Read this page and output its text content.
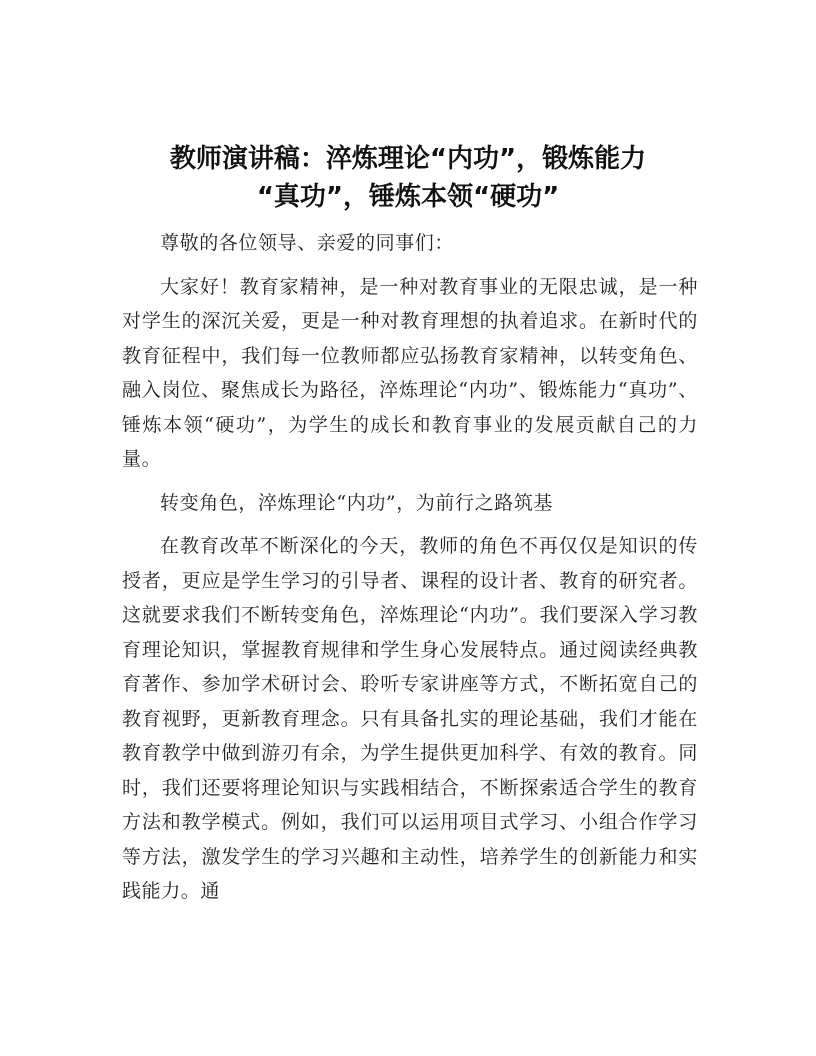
教师演讲稿：淬炼理论“内功”，锻炼能力
“真功”，锤炼本领“硬功”

尊敬的各位领导、亲爱的同事们：

大家好！教育家精神，是一种对教育事业的无限忠诚，是一种对学生的深沉关爱，更是一种对教育理想的执着追求。在新时代的教育征程中，我们每一位教师都应弘扬教育家精神，以转变角色、融入岗位、聚焦成长为路径，淬炼理论“内功”、锻炼能力“真功”、锤炼本领“硬功”，为学生的成长和教育事业的发展贡献自己的力量。

转变角色，淬炼理论“内功”，为前行之路筑基

在教育改革不断深化的今天，教师的角色不再仅仅是知识的传授者，更应是学生学习的引导者、课程的设计者、教育的研究者。这就要求我们不断转变角色，淬炼理论“内功”。我们要深入学习教育理论知识，掌握教育规律和学生身心发展特点。通过阅读经典教育著作、参加学术研讨会、聆听专家讲座等方式，不断拓宽自己的教育视野，更新教育理念。只有具备扎实的理论基础，我们才能在教育教学中做到游刃有余，为学生提供更加科学、有效的教育。同时，我们还要将理论知识与实践相结合，不断探索适合学生的教育方法和教学模式。例如，我们可以运用项目式学习、小组合作学习等方法，激发学生的学习兴趣和主动性，培养学生的创新能力和实践能力。通
